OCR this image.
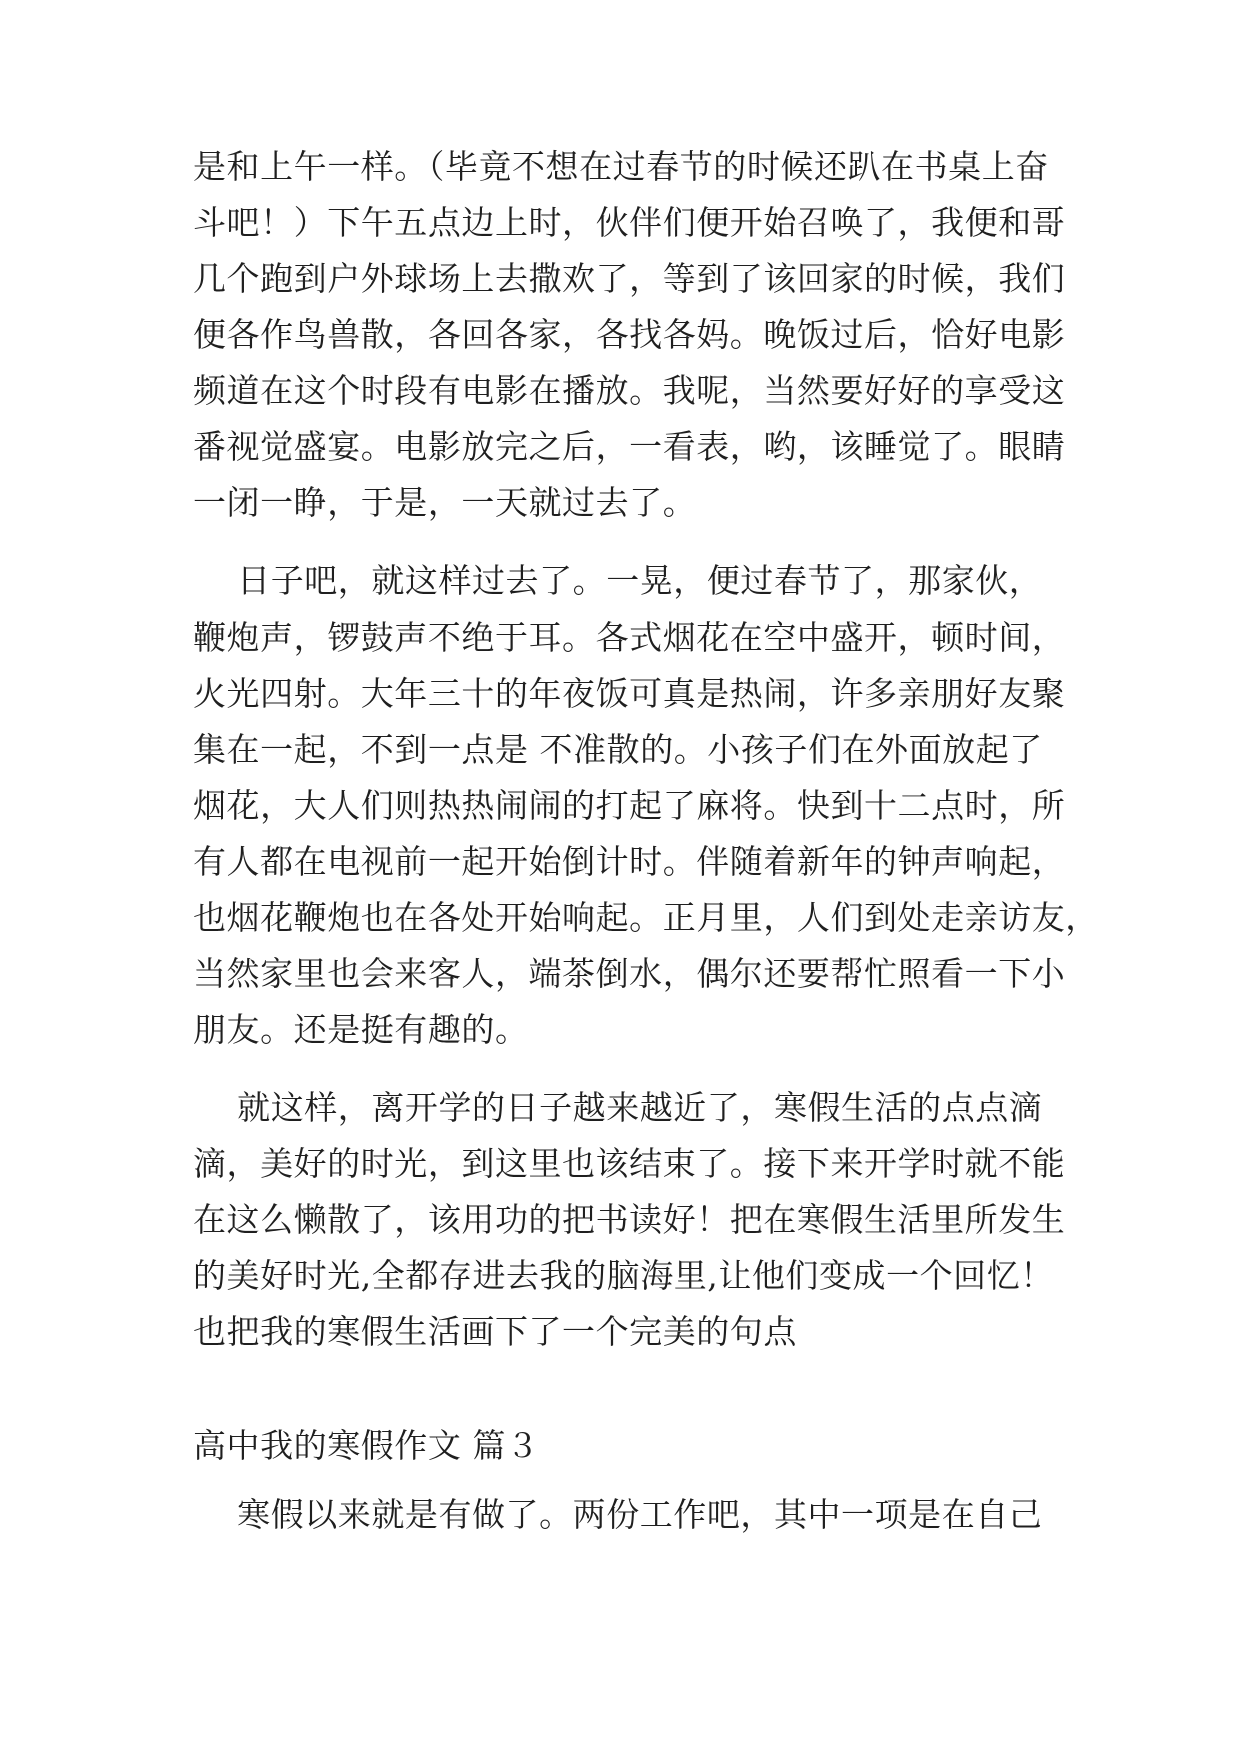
是和上午一样。（毕竟不想在过春节的时候还趴在书桌上奋
斗吧！）下午五点边上时，伙伴们便开始召唤了，我便和哥
几个跑到户外球场上去撒欢了，等到了该回家的时候，我们
便各作鸟兽散，各回各家，各找各妈。晚饭过后，恰好电影
频道在这个时段有电影在播放。我呢，当然要好好的享受这
番视觉盛宴。电影放完之后，一看表，哟，该睡觉了。眼睛
一闭一睁，于是，一天就过去了。
日子吧，就这样过去了。一晃，便过春节了，那家伙，
鞭炮声，锣鼓声不绝于耳。各式烟花在空中盛开，顿时间，
火光四射。大年三十的年夜饭可真是热闹，许多亲朋好友聚
集在一起，不到一点是 不准散的。小孩子们在外面放起了
烟花，大人们则热热闹闹的打起了麻将。快到十二点时，所
有人都在电视前一起开始倒计时。伴随着新年的钟声响起，
也烟花鞭炮也在各处开始响起。正月里，人们到处走亲访友，
当然家里也会来客人，端茶倒水，偶尔还要帮忙照看一下小
朋友。还是挺有趣的。
就这样，离开学的日子越来越近了，寒假生活的点点滴
滴，美好的时光，到这里也该结束了。接下来开学时就不能
在这么懒散了，该用功的把书读好！把在寒假生活里所发生
的美好时光,全都存进去我的脑海里,让他们变成一个回忆！
也把我的寒假生活画下了一个完美的句点
高中我的寒假作文 篇３
寒假以来就是有做了。两份工作吧，其中一项是在自己
